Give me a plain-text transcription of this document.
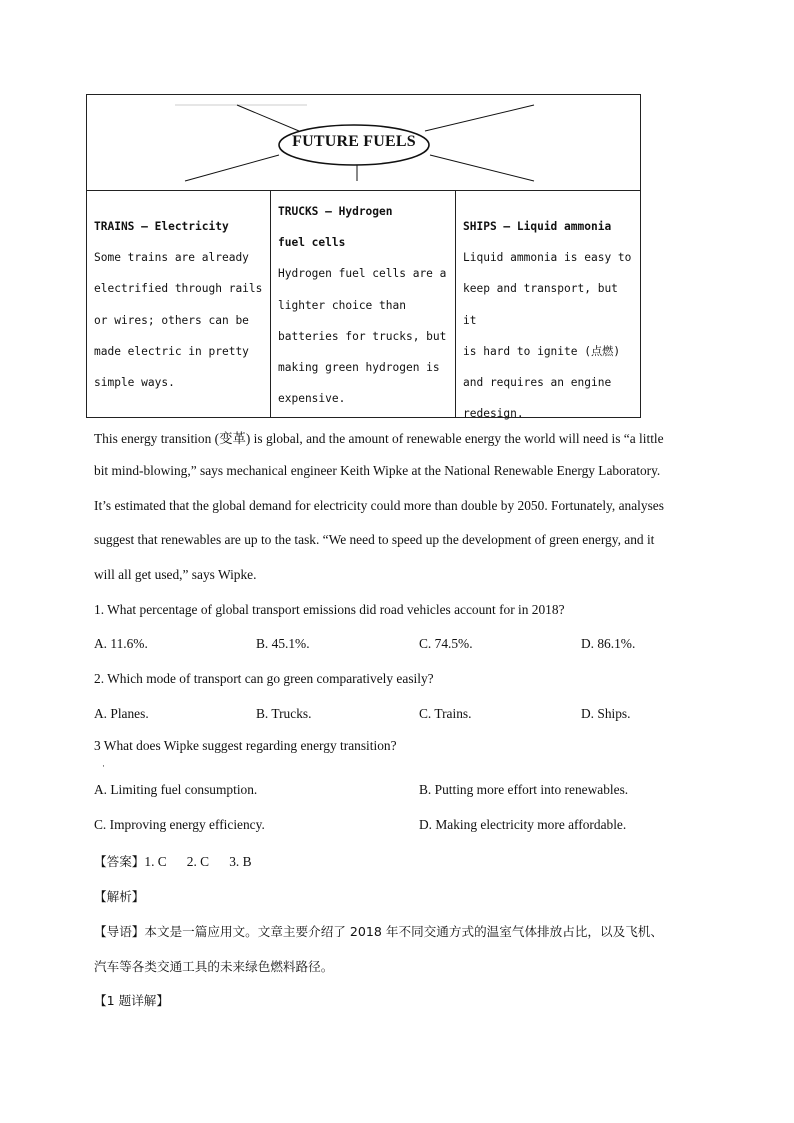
FUTURE FUELS
TRAINS — Electricity
Some trains are already
electrified through rails
or wires; others can be
made electric in pretty
simple ways.
TRUCKS — Hydrogen
fuel cells
Hydrogen fuel cells are a
lighter choice than
batteries for trucks, but
making green hydrogen is
expensive.
SHIPS — Liquid ammonia
Liquid ammonia is easy to
keep and transport, but it
is hard to ignite (点燃)
and requires an engine
redesign.
This energy transition (变革) is global, and the amount of renewable energy the world will need is “a little
bit mind-blowing,” says mechanical engineer Keith Wipke at the National Renewable Energy Laboratory.
It’s estimated that the global demand for electricity could more than double by 2050. Fortunately, analyses
suggest that renewables are up to the task. “We need to speed up the development of green energy, and it
will all get used,” says Wipke.
1. What percentage of global transport emissions did road vehicles account for in 2018?
A. 11.6%.	B. 45.1%.	C. 74.5%.	D. 86.1%.
2. Which mode of transport can go green comparatively easily?
A. Planes.	B. Trucks.	C. Trains.	D. Ships.
3 What does Wipke suggest regarding energy transition?
·
A. Limiting fuel consumption.	B. Putting more effort into renewables.
C. Improving energy efficiency.	D. Making electricity more affordable.
【答案】1. C      2. C      3. B
【解析】
【导语】本文是一篇应用文。文章主要介绍了 2018 年不同交通方式的温室气体排放占比，以及飞机、
汽车等各类交通工具的未来绿色燃料路径。
【1 题详解】
